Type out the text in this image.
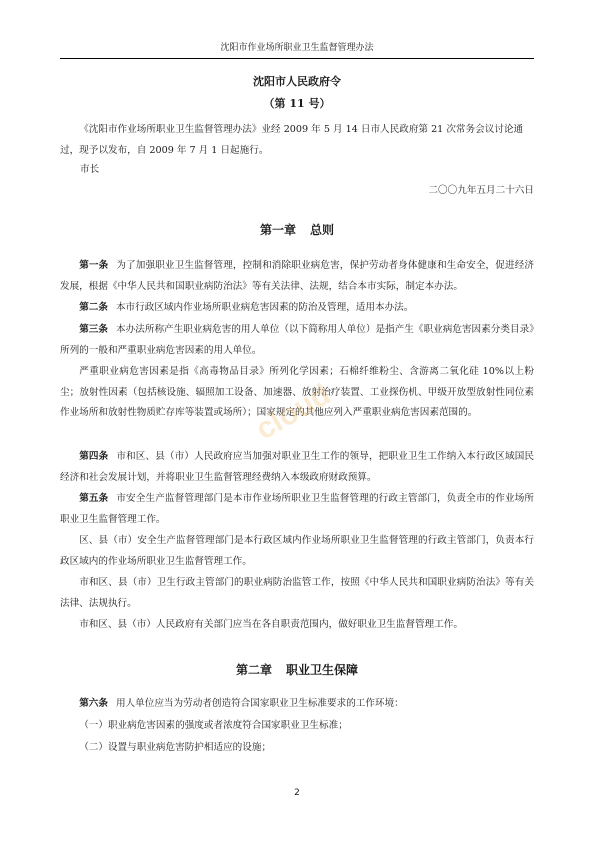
沈阳市作业场所职业卫生监督管理办法
沈阳市人民政府令
（第 11 号）

《沈阳市作业场所职业卫生监督管理办法》业经 2009 年 5 月 14 日市人民政府第 21 次常务会议讨论通过，现予以发布，自 2009 年 7 月 1 日起施行。

市长
二〇〇九年五月二十六日
第一章 总则

第一条 为了加强职业卫生监督管理，控制和消除职业病危害，保护劳动者身体健康和生命安全，促进经济发展，根据《中华人民共和国职业病防治法》等有关法律、法规，结合本市实际，制定本办法。

第二条 本市行政区域内作业场所职业病危害因素的防治及管理，适用本办法。

第三条 本办法所称产生职业病危害的用人单位（以下简称用人单位）是指产生《职业病危害因素分类目录》所列的一般和严重职业病危害因素的用人单位。

严重职业病危害因素是指《高毒物品目录》所列化学因素；石棉纤维粉尘、含游离二氧化硅 10%以上粉尘；放射性因素（包括核设施、辐照加工设备、加速器、放射治疗装置、工业探伤机、甲级开放型放射性同位素作业场所和放射性物质贮存库等装置或场所）；国家规定的其他应列入严重职业病危害因素范围的。

第四条 市和区、县（市）人民政府应当加强对职业卫生工作的领导，把职业卫生工作纳入本行政区域国民经济和社会发展计划，并将职业卫生监督管理经费纳入本级政府财政预算。

第五条 市安全生产监督管理部门是本市作业场所职业卫生监督管理的行政主管部门，负责全市的作业场所职业卫生监督管理工作。

区、县（市）安全生产监督管理部门是本行政区域内作业场所职业卫生监督管理的行政主管部门，负责本行政区域内的作业场所职业卫生监督管理工作。

市和区、县（市）卫生行政主管部门的职业病防治监管工作，按照《中华人民共和国职业病防治法》等有关法律、法规执行。

市和区、县（市）人民政府有关部门应当在各自职责范围内，做好职业卫生监督管理工作。

第二章 职业卫生保障

第六条 用人单位应当为劳动者创造符合国家职业卫生标准要求的工作环境：

（一）职业病危害因素的强度或者浓度符合国家职业卫生标准；

（二）设置与职业病危害防护相适应的设施；

cloud
2
